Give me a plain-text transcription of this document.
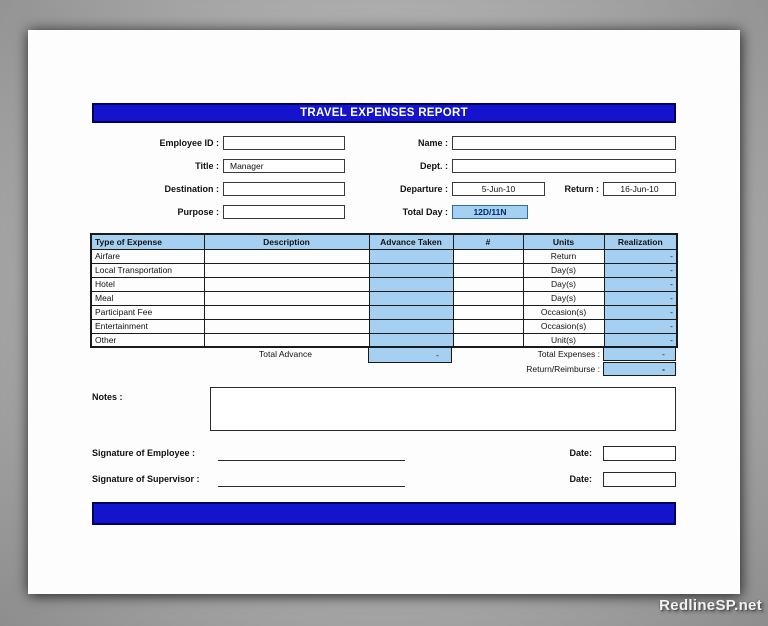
TRAVEL EXPENSES REPORT
Employee ID :	Name :
Title :	Manager	Dept. :
Destination :	Departure :	5-Jun-10	Return :	16-Jun-10
Purpose :	Total Day :	12D/11N
Type of Expense	Description	Advance Taken	#	Units	Realization
Airfare				Return	-
Local Transportation				Day(s)	-
Hotel				Day(s)	-
Meal				Day(s)	-
Participant Fee				Occasion(s)	-
Entertainment				Occasion(s)	-
Other				Unit(s)	-
Total Advance	-	Total Expenses :	-
Return/Reimburse :	-
Notes :
Signature of Employee :	Date:
Signature of Supervisor :	Date:
RedlineSP.net
